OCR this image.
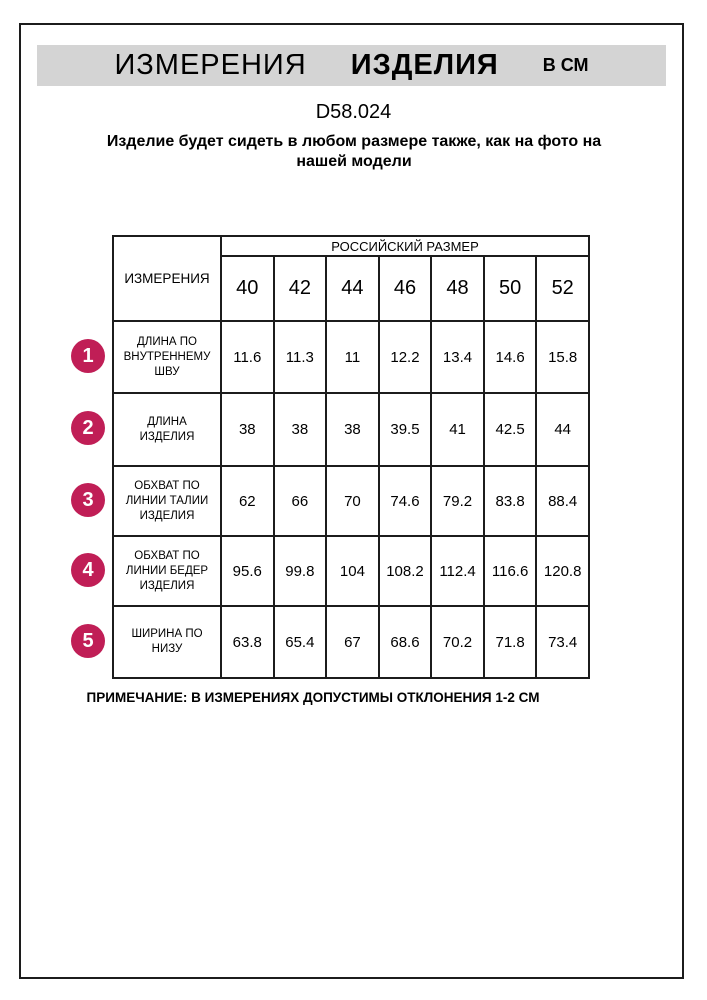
ИЗМЕРЕНИЯ ИЗДЕЛИЯ В СМ
D58.024
Изделие будет сидеть в любом размере также, как на фото на нашей модели
1
2
3
4
5
ИЗМЕРЕНИЯ	РОССИЙСКИЙ РАЗМЕР						
	40	42	44	46	48	50	52
ДЛИНА ПО ВНУТРЕННЕМУ ШВУ	11.6	11.3	11	12.2	13.4	14.6	15.8
ДЛИНА ИЗДЕЛИЯ	38	38	38	39.5	41	42.5	44
ОБХВАТ ПО ЛИНИИ ТАЛИИ ИЗДЕЛИЯ	62	66	70	74.6	79.2	83.8	88.4
ОБХВАТ ПО ЛИНИИ БЕДЕР ИЗДЕЛИЯ	95.6	99.8	104	108.2	112.4	116.6	120.8
ШИРИНА ПО НИЗУ	63.8	65.4	67	68.6	70.2	71.8	73.4
ПРИМЕЧАНИЕ: В ИЗМЕРЕНИЯХ ДОПУСТИМЫ ОТКЛОНЕНИЯ 1-2 СМ
